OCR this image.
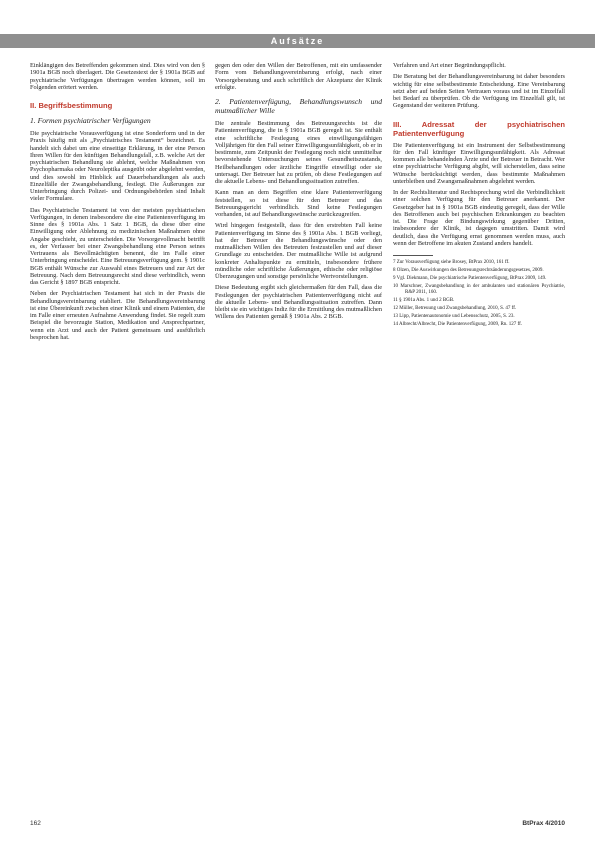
Aufsätze

Einklängigen des Betreffenden gekommen sind. Dies wird von den § 1901a BGB noch überlagert. Die Gesetzestext der § 1901a BGB auf psychiatrische Verfügungen übertragen werden können, soll im Folgenden erörtert werden.

II. Begriffsbestimmung
1. Formen psychiatrischer Verfügungen

Die psychiatrische Vorausverfügung ist eine Sonderform und in der Praxis häufig mit als „Psychiatrisches Testament“ bezeichnet. Es handelt sich dabei um eine einseitige Erklärung, in der eine Person Ihren Willen für den künftigen Behandlungsfall, z.B. welche Art der psychiatrischen Behandlung sie ablehnt, welche Maßnahmen von Psychopharmaka oder Neuroleptika ausgeübt oder abgelehnt werden, und dies sowohl im Hinblick auf Dauerbehandlungen als auch Einzelfälle der Zwangsbehandlung, festlegt. Die Äußerungen zur Unterbringung durch Polizei- und Ordnungsbehörden sind Inhalt vieler Formulare.

Das Psychiatrische Testament ist von der meisten psychiatrischen Verfügungen, in denen insbesondere die eine Patientenverfügung im Sinne des § 1901a Abs. 1 Satz 1 BGB, da diese über eine Einwilligung oder Ablehnung zu medizinischen Maßnahmen ohne Angabe geschieht, zu unterscheiden. Die Vorsorgevollmacht betrifft es, der Verfasser bei einer Zwangsbehandlung eine Person seines Vertrauens als Bevollmächtigten benennt, die im Falle einer Unterbringung entscheidet. Eine Betreuungsverfügung gem. § 1901c BGB enthält Wünsche zur Auswahl eines Betreuers und zur Art der Betreuung. Nach dem Betreuungsrecht sind diese verbindlich, wenn das Gericht § 1897 BGB entspricht.

Neben der Psychiatrischen Testament hat sich in der Praxis die Behandlungsvereinbarung etabliert. Die Behandlungsvereinbarung ist eine Übereinkunft zwischen einer Klinik und einem Patienten, die im Falle einer erneuten Aufnahme Anwendung findet. Sie regelt zum Beispiel die bevorzugte Station, Medikation und Ansprechpartner, wenn ein Arzt und auch der Patient gemeinsam und ausführlich besprochen hat.

gegen den oder den Willen der Betroffenen, mit ein umfassender Form vom Behandlungsvereinbarung erfolgt, nach einer Vorsorgeberatung und auch schriftlich der Akzeptanz der Klinik erfolgte.

2. Patientenverfügung, Behandlungswunsch und mutmaßlicher Wille

Die zentrale Bestimmung des Betreuungsrechts ist die Patientenverfügung, die in § 1901a BGB geregelt ist. Sie enthält eine schriftliche Festlegung eines einwilligungsfähigen Volljährigen für den Fall seiner Einwilligungsunfähigkeit, ob er in bestimmte, zum Zeitpunkt der Festlegung noch nicht unmittelbar bevorstehende Untersuchungen seines Gesundheitszustands, Heilbehandlungen oder ärztliche Eingriffe einwilligt oder sie untersagt. Der Betreuer hat zu prüfen, ob diese Festlegungen auf die aktuelle Lebens- und Behandlungssituation zutreffen.

Kann man an dem Begriffen eine klare Patientenverfügung feststellen, so ist diese für den Betreuer und das Betreuungsgericht verbindlich. Sind keine Festlegungen vorhanden, ist auf Behandlungswünsche zurückzugreifen.

Wird hingegen festgestellt, dass für den erstrebten Fall keine Patientenverfügung im Sinne des § 1901a Abs. 1 BGB vorliegt, hat der Betreuer die Behandlungswünsche oder den mutmaßlichen Willen des Betreuten festzustellen und auf dieser Grundlage zu entscheiden. Der mutmaßliche Wille ist aufgrund konkreter Anhaltspunkte zu ermitteln, insbesondere frühere mündliche oder schriftliche Äußerungen, ethische oder religiöse Überzeugungen und sonstige persönliche Wertvorstellungen.

Diese Bedeutung ergibt sich gleichermaßen für den Fall, dass die Festlegungen der psychiatrischen Patientenverfügung nicht auf die aktuelle Lebens- und Behandlungssituation zutreffen. Dann bleibt sie ein wichtiges Indiz für die Ermittlung des mutmaßlichen Willens des Patienten gemäß § 1901a Abs. 2 BGB.

Verfahren und Art einer Begründungspflicht.

Die Beratung bei der Behandlungsvereinbarung ist daher besonders wichtig für eine selbstbestimmte Entscheidung. Eine Vereinbarung setzt aber auf beiden Seiten Vertrauen voraus und ist im Einzelfall bei Bedarf zu überprüfen. Ob die Verfügung im Einzelfall gilt, ist Gegenstand der weiteren Prüfung.

III. Adressat der psychiatrischen Patientenverfügung

Die Patientenverfügung ist ein Instrument der Selbstbestimmung für den Fall künftiger Einwilligungsunfähigkeit. Als Adressat kommen alle behandelnden Ärzte und der Betreuer in Betracht. Wer eine psychiatrische Verfügung abgibt, will sicherstellen, dass seine Wünsche berücksichtigt werden, dass bestimmte Maßnahmen unterbleiben und Zwangsmaßnahmen abgelehnt werden.

In der Rechtsliteratur und Rechtsprechung wird die Verbindlichkeit einer solchen Verfügung für den Betreuer anerkannt. Der Gesetzgeber hat in § 1901a BGB eindeutig geregelt, dass der Wille des Betroffenen auch bei psychischen Erkrankungen zu beachten ist. Die Frage der Bindungswirkung gegenüber Dritten, insbesondere der Klinik, ist dagegen umstritten. Damit wird deutlich, dass die Verfügung ernst genommen werden muss, auch wenn der Betroffene im akuten Zustand anders handelt.

7 Zur Vorausverfügung siehe Brosey, BtPrax 2010, 161 ff.

8 Olzen, Die Auswirkungen des Betreuungsrechtsänderungsgesetzes, 2009.

9 Vgl. Diekmann, Die psychiatrische Patientenverfügung, BtPrax 2009, 149.

10 Marschner, Zwangsbehandlung in der ambulanten und stationären Psychiatrie, R&P 2011, 160.

11 § 1901a Abs. 1 und 2 BGB.

12 Müller, Betreuung und Zwangsbehandlung, 2010, S. 47 ff.

13 Lipp, Patientenautonomie und Lebensschutz, 2005, S. 23.

14 Albrecht/Albrecht, Die Patientenverfügung, 2009, Rn. 127 ff.

162	BtPrax 4/2010
